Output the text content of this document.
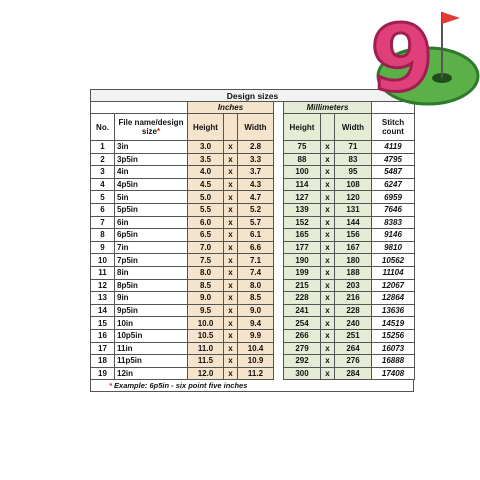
Design sizes									
		Inches				Millimeters			
No.	File name/design size*	Height		Width		Height		Width	Stitch count
1	3in	3.0	x	2.8		75	x	71	4119
2	3p5in	3.5	x	3.3		88	x	83	4795
3	4in	4.0	x	3.7		100	x	95	5487
4	4p5in	4.5	x	4.3		114	x	108	6247
5	5in	5.0	x	4.7		127	x	120	6959
6	5p5in	5.5	x	5.2		139	x	131	7646
7	6in	6.0	x	5.7		152	x	144	8383
8	6p5in	6.5	x	6.1		165	x	156	9146
9	7in	7.0	x	6.6		177	x	167	9810
10	7p5in	7.5	x	7.1		190	x	180	10562
11	8in	8.0	x	7.4		199	x	188	11104
12	8p5in	8.5	x	8.0		215	x	203	12067
13	9in	9.0	x	8.5		228	x	216	12864
14	9p5in	9.5	x	9.0		241	x	228	13636
15	10in	10.0	x	9.4		254	x	240	14519
16	10p5in	10.5	x	9.9		266	x	251	15256
17	11in	11.0	x	10.4		279	x	264	16073
18	11p5in	11.5	x	10.9		292	x	276	16888
19	12in	12.0	x	11.2		300	x	284	17408
* Example: 6p5in - six point five inches
9
